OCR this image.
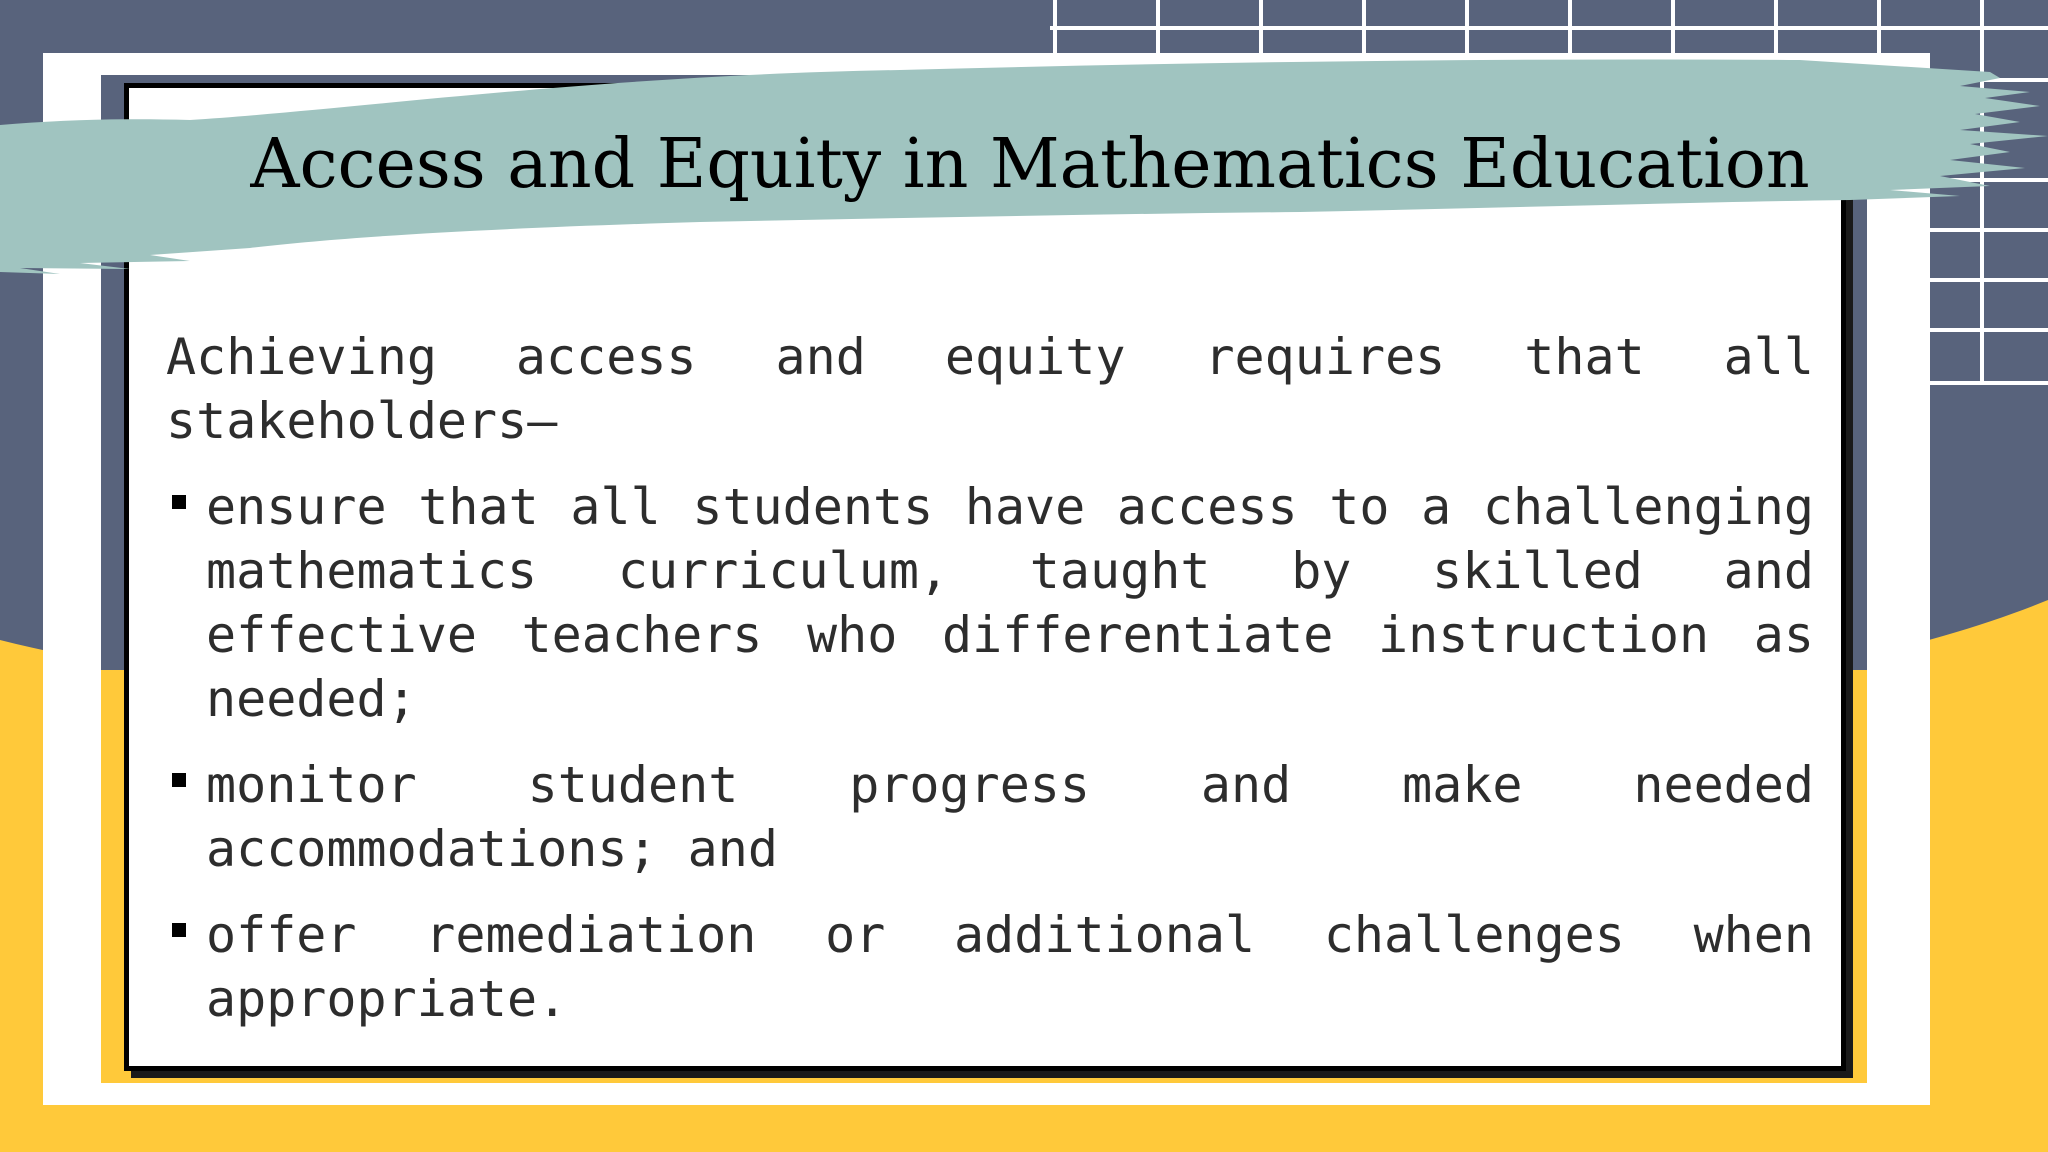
Access and Equity in Mathematics Education

Achieving access and equity requires that all stakeholders—

ensure that all students have access to a challenging mathematics curriculum, taught by skilled and effective teachers who differentiate instruction as needed;
monitor student progress and make needed accommodations; and
offer remediation or additional challenges when appropriate.
